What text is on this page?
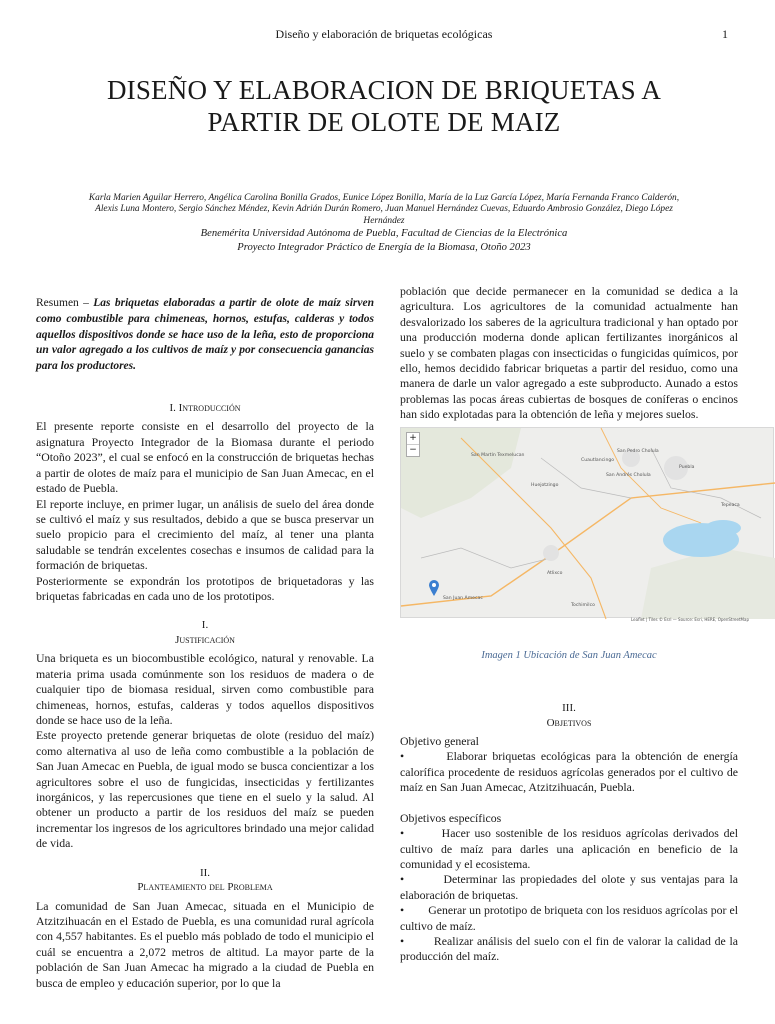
Diseño y elaboración de briquetas ecológicas	1
DISEÑO Y ELABORACION DE BRIQUETAS A PARTIR DE OLOTE DE MAIZ
Karla Marien Aguilar Herrero, Angélica Carolina Bonilla Grados, Eunice López Bonilla, María de la Luz García López, María Fernanda Franco Calderón, Alexis Luna Montero, Sergio Sánchez Méndez, Kevin Adrián Durán Romero, Juan Manuel Hernández Cuevas, Eduardo Ambrosio González, Diego López Hernández
Benemérita Universidad Autónoma de Puebla, Facultad de Ciencias de la Electrónica
Proyecto Integrador Práctico de Energía de la Biomasa, Otoño 2023

Resumen – Las briquetas elaboradas a partir de olote de maíz sirven como combustible para chimeneas, hornos, estufas, calderas y todos aquellos dispositivos donde se hace uso de la leña, esto de proporciona un valor agregado a los cultivos de maíz y por consecuencia ganancias para los productores.

I. Introducción

El presente reporte consiste en el desarrollo del proyecto de la asignatura Proyecto Integrador de la Biomasa durante el periodo “Otoño 2023”, el cual se enfocó en la construcción de briquetas hechas a partir de olotes de maíz para el municipio de San Juan Amecac, en el estado de Puebla.

El reporte incluye, en primer lugar, un análisis de suelo del área donde se cultivó el maíz y sus resultados, debido a que se busca preservar un suelo propicio para el crecimiento del maíz, al tener una planta saludable se tendrán excelentes cosechas e insumos de calidad para la formación de briquetas.

Posteriormente se expondrán los prototipos de briquetadoras y las briquetas fabricadas en cada uno de los prototipos.

I.
Justificación

Una briqueta es un biocombustible ecológico, natural y renovable. La materia prima usada comúnmente son los residuos de madera o de cualquier tipo de biomasa residual, sirven como combustible para chimeneas, hornos, estufas, calderas y todos aquellos dispositivos donde se hace uso de la leña.

Este proyecto pretende generar briquetas de olote (residuo del maíz) como alternativa al uso de leña como combustible a la población de San Juan Amecac en Puebla, de igual modo se busca concientizar a los agricultores sobre el uso de fungicidas, insecticidas y fertilizantes inorgánicos, y las repercusiones que tiene en el suelo y la salud. Al obtener un producto a partir de los residuos del maíz se pueden incrementar los ingresos de los agricultores brindado una mejor calidad de vida.

II.
Planteamiento del Problema

La comunidad de San Juan Amecac, situada en el Municipio de Atzitzihuacán en el Estado de Puebla, es una comunidad rural agrícola con 4,557 habitantes. Es el pueblo más poblado de todo el municipio el cuál se encuentra a 2,072 metros de altitud. La mayor parte de la población de San Juan Amecac ha migrado a la ciudad de Puebla en busca de empleo y educación superior, por lo que la

población que decide permanecer en la comunidad se dedica a la agricultura. Los agricultores de la comunidad actualmente han desvalorizado los saberes de la agricultura tradicional y han optado por una producción moderna donde aplican fertilizantes inorgánicos al suelo y se combaten plagas con insecticidas o fungicidas químicos, por ello, hemos decidido fabricar briquetas a partir del residuo, como una manera de darle un valor agregado a este subproducto. Aunado a estos problemas las pocas áreas cubiertas de bosques de coníferas o encinos han sido explotadas para la obtención de leña y mejores suelos.

+
−	San Pedro Cholula
San Andrés Cholula
Puebla
San Martín Texmelucan
Atlixco
Huejotzingo
Tochimilco
San Juan Amecac
Tepeaca
Cuautlancingo
Leaflet | Tiles © Esri — Source: Esri, HERE, OpenStreetMap
Imagen 1 Ubicación de San Juan Amecac
III.
Objetivos

Objetivo general

•	Elaborar briquetas ecológicas para la obtención de energía calorífica procedente de residuos agrícolas generados por el cultivo de maíz en San Juan Amecac, Atzitzihuacán, Puebla.

Objetivos específicos

•	Hacer uso sostenible de los residuos agrícolas derivados del cultivo de maíz para darles una aplicación en beneficio de la comunidad y el ecosistema.

•	Determinar las propiedades del olote y sus ventajas para la elaboración de briquetas.

• Generar un prototipo de briqueta con los residuos agrícolas por el cultivo de maíz.

•	Realizar análisis del suelo con el fin de valorar la calidad de la producción del maíz.
